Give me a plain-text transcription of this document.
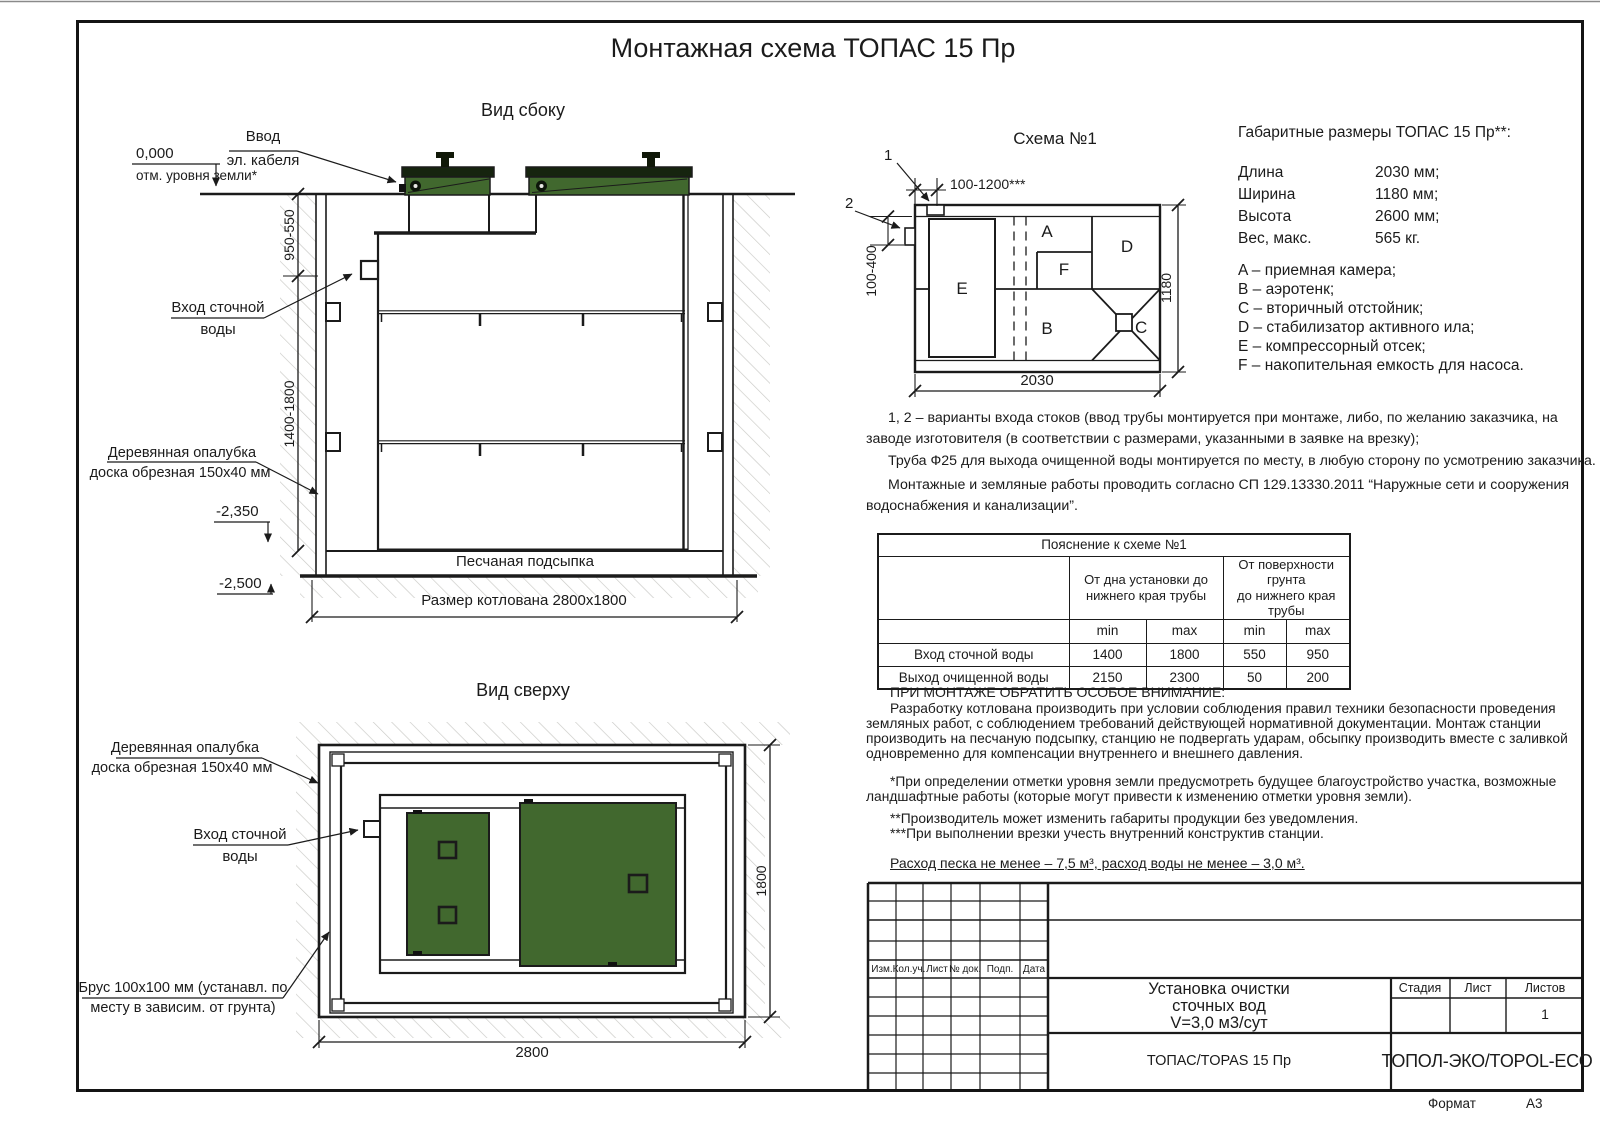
Монтажная схема ТОПАС 15 Пр
Вид сбоку
Ввод
эл. кабеля
0,000
отм. уровня земли*
Вход сточной
воды
Деревянная опалубка
доска обрезная 150х40 мм
Песчаная подсыпка
Размер котлована 2800х1800
950-550
1400-1800
-2,350
-2,500
Вид сверху
Деревянная опалубка
доска обрезная 150х40 мм
Вход сточной
воды
Брус 100х100 мм (устанавл. по
месту в зависим. от грунта)
2800
1800
Схема №1
1
2
100-1200***
100-400	1180
2030
A
B	C
D
E
F
Габаритные размеры ТОПАС 15 Пр**:
Длина	2030 мм;
Ширина	1180 мм;
Высота	2600 мм;
Вес, макс.	565 кг.
A – приемная камера;
B – аэротенк;
C – вторичный отстойник;
D – стабилизатор активного ила;
E – компрессорный отсек;
F – накопительная емкость для насоса.
1, 2 – варианты входа стоков (ввод трубы монтируется при монтаже, либо, по желанию заказчика, на
заводе изготовителя (в соответствии с размерами, указанными в заявке на врезку);
Труба Ф25 для выхода очищенной воды монтируется по месту, в любую сторону по усмотрению заказчика.
Монтажные и земляные работы проводить согласно СП 129.13330.2011 “Наружные сети и сооружения
водоснабжения и канализации”.
Пояснение к схеме №1				
	От дна установки до
нижнего края трубы		От поверхности грунта
до нижнего края трубы	
	min	max	min	max
Вход сточной воды	1400	1800	550	950
Выход очищенной воды	2150	2300	50	200
ПРИ МОНТАЖЕ ОБРАТИТЬ ОСОБОЕ ВНИМАНИЕ:
Разработку котлована производить при условии соблюдения правил техники безопасности проведения
земляных работ, с соблюдением требований действующей нормативной документации. Монтаж станции
производить на песчаную подсыпку, станцию не подвергать ударам, обсыпку производить вместе с заливкой
одновременно для компенсации внутреннего и внешнего давления.
*При определении отметки уровня земли предусмотреть будущее благоустройство участка, возможные
ландшафтные работы (которые могут привести к изменению отметки уровня земли).
**Производитель может изменить габариты продукции без уведомления.
***При выполнении врезки учесть внутренний конструктив станции.
Расход песка не менее – 7,5 м³, расход воды не менее – 3,0 м³.
Изм. Кол.уч. Лист № док. Подп. Дата
Установка очистки
сточных вод
V=3,0 м3/сут
Стадия Лист	Листов
1
ТОПАС/TOPAS 15 Пр	ТОПОЛ-ЭКО/TOPOL-ECO
Формат	А3
